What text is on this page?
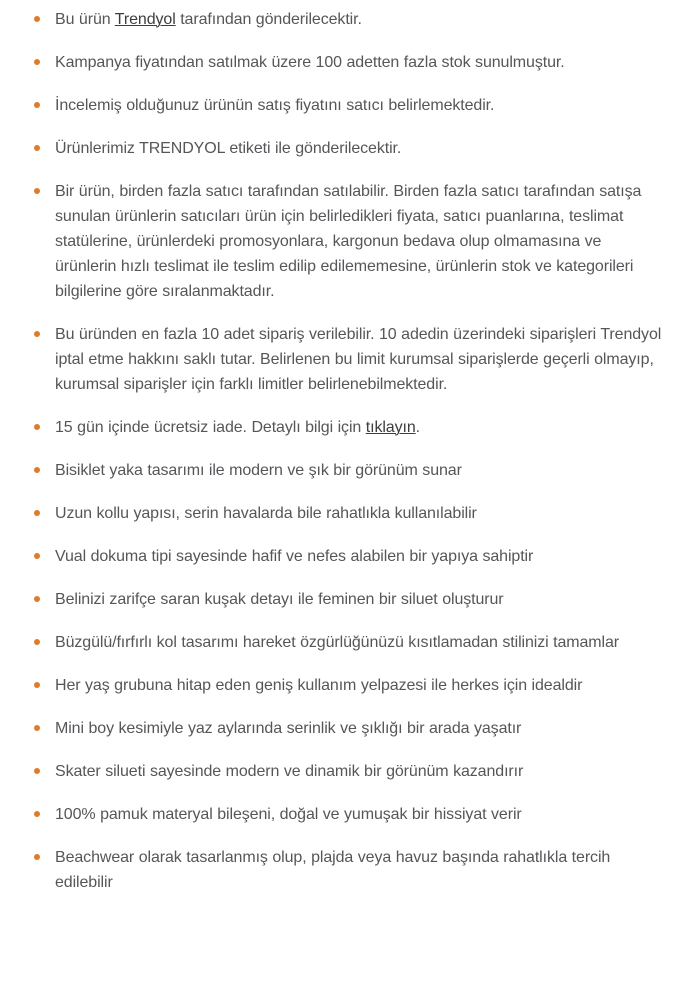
Bu ürün Trendyol tarafından gönderilecektir.
Kampanya fiyatından satılmak üzere 100 adetten fazla stok sunulmuştur.
İncelemiş olduğunuz ürünün satış fiyatını satıcı belirlemektedir.
Ürünlerimiz TRENDYOL etiketi ile gönderilecektir.
Bir ürün, birden fazla satıcı tarafından satılabilir. Birden fazla satıcı tarafından satışa sunulan ürünlerin satıcıları ürün için belirledikleri fiyata, satıcı puanlarına, teslimat statülerine, ürünlerdeki promosyonlara, kargonun bedava olup olmamasına ve ürünlerin hızlı teslimat ile teslim edilip edilememesine, ürünlerin stok ve kategorileri bilgilerine göre sıralanmaktadır.
Bu üründen en fazla 10 adet sipariş verilebilir. 10 adedin üzerindeki siparişleri Trendyol iptal etme hakkını saklı tutar. Belirlenen bu limit kurumsal siparişlerde geçerli olmayıp, kurumsal siparişler için farklı limitler belirlenebilmektedir.
15 gün içinde ücretsiz iade. Detaylı bilgi için tıklayın.
Bisiklet yaka tasarımı ile modern ve şık bir görünüm sunar
Uzun kollu yapısı, serin havalarda bile rahatlıkla kullanılabilir
Vual dokuma tipi sayesinde hafif ve nefes alabilen bir yapıya sahiptir
Belinizi zarifçe saran kuşak detayı ile feminen bir siluet oluşturur
Büzgülü/fırfırlı kol tasarımı hareket özgürlüğünüzü kısıtlamadan stilinizi tamamlar
Her yaş grubuna hitap eden geniş kullanım yelpazesi ile herkes için idealdir
Mini boy kesimiyle yaz aylarında serinlik ve şıklığı bir arada yaşatır
Skater silueti sayesinde modern ve dinamik bir görünüm kazandırır
100% pamuk materyal bileşeni, doğal ve yumuşak bir hissiyat verir
Beachwear olarak tasarlanmış olup, plajda veya havuz başında rahatlıkla tercih edilebilir
